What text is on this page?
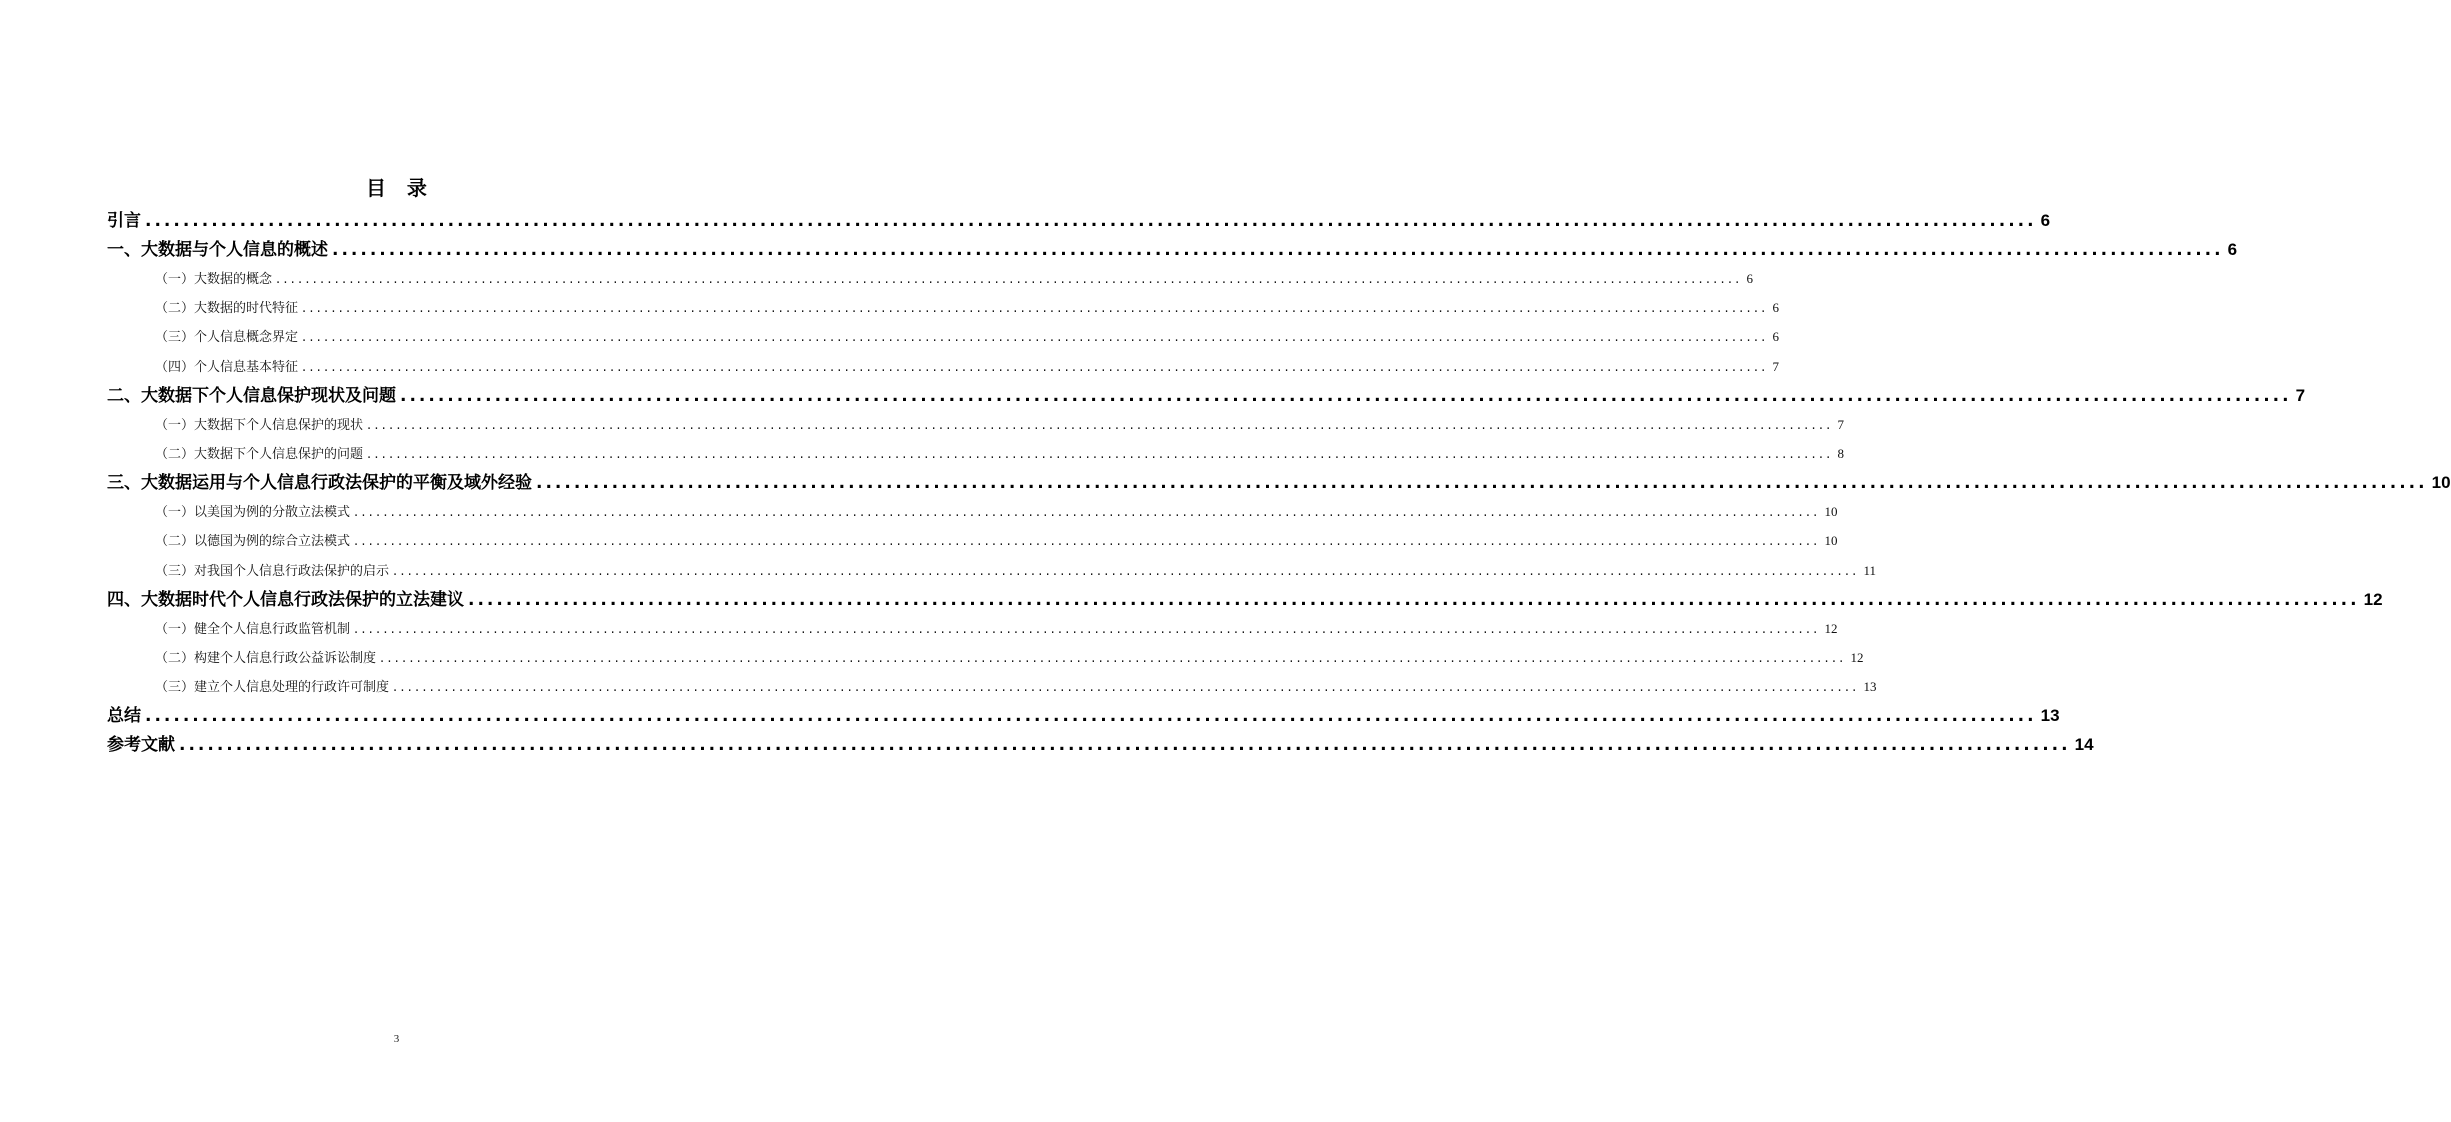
目   录
引言 ........................................................................................................................................................................................................ 6
一、大数据与个人信息的概述 ........................................................................................................................................................................................................ 6
（一）大数据的概念 ........................................................................................................................................................................................................ 6
（二）大数据的时代特征 ........................................................................................................................................................................................................ 6
（三）个人信息概念界定 ........................................................................................................................................................................................................ 6
（四）个人信息基本特征 ........................................................................................................................................................................................................ 7
二、大数据下个人信息保护现状及问题 ........................................................................................................................................................................................................ 7
（一）大数据下个人信息保护的现状 ........................................................................................................................................................................................................ 7
（二）大数据下个人信息保护的问题 ........................................................................................................................................................................................................ 8
三、大数据运用与个人信息行政法保护的平衡及域外经验 ........................................................................................................................................................................................................ 10
（一）以美国为例的分散立法模式 ........................................................................................................................................................................................................ 10
（二）以德国为例的综合立法模式 ........................................................................................................................................................................................................ 10
（三）对我国个人信息行政法保护的启示 ........................................................................................................................................................................................................ 11
四、大数据时代个人信息行政法保护的立法建议 ........................................................................................................................................................................................................ 12
（一）健全个人信息行政监管机制 ........................................................................................................................................................................................................ 12
（二）构建个人信息行政公益诉讼制度 ........................................................................................................................................................................................................ 12
（三）建立个人信息处理的行政许可制度 ........................................................................................................................................................................................................ 13
总结 ........................................................................................................................................................................................................ 13
参考文献 ........................................................................................................................................................................................................ 14
3
